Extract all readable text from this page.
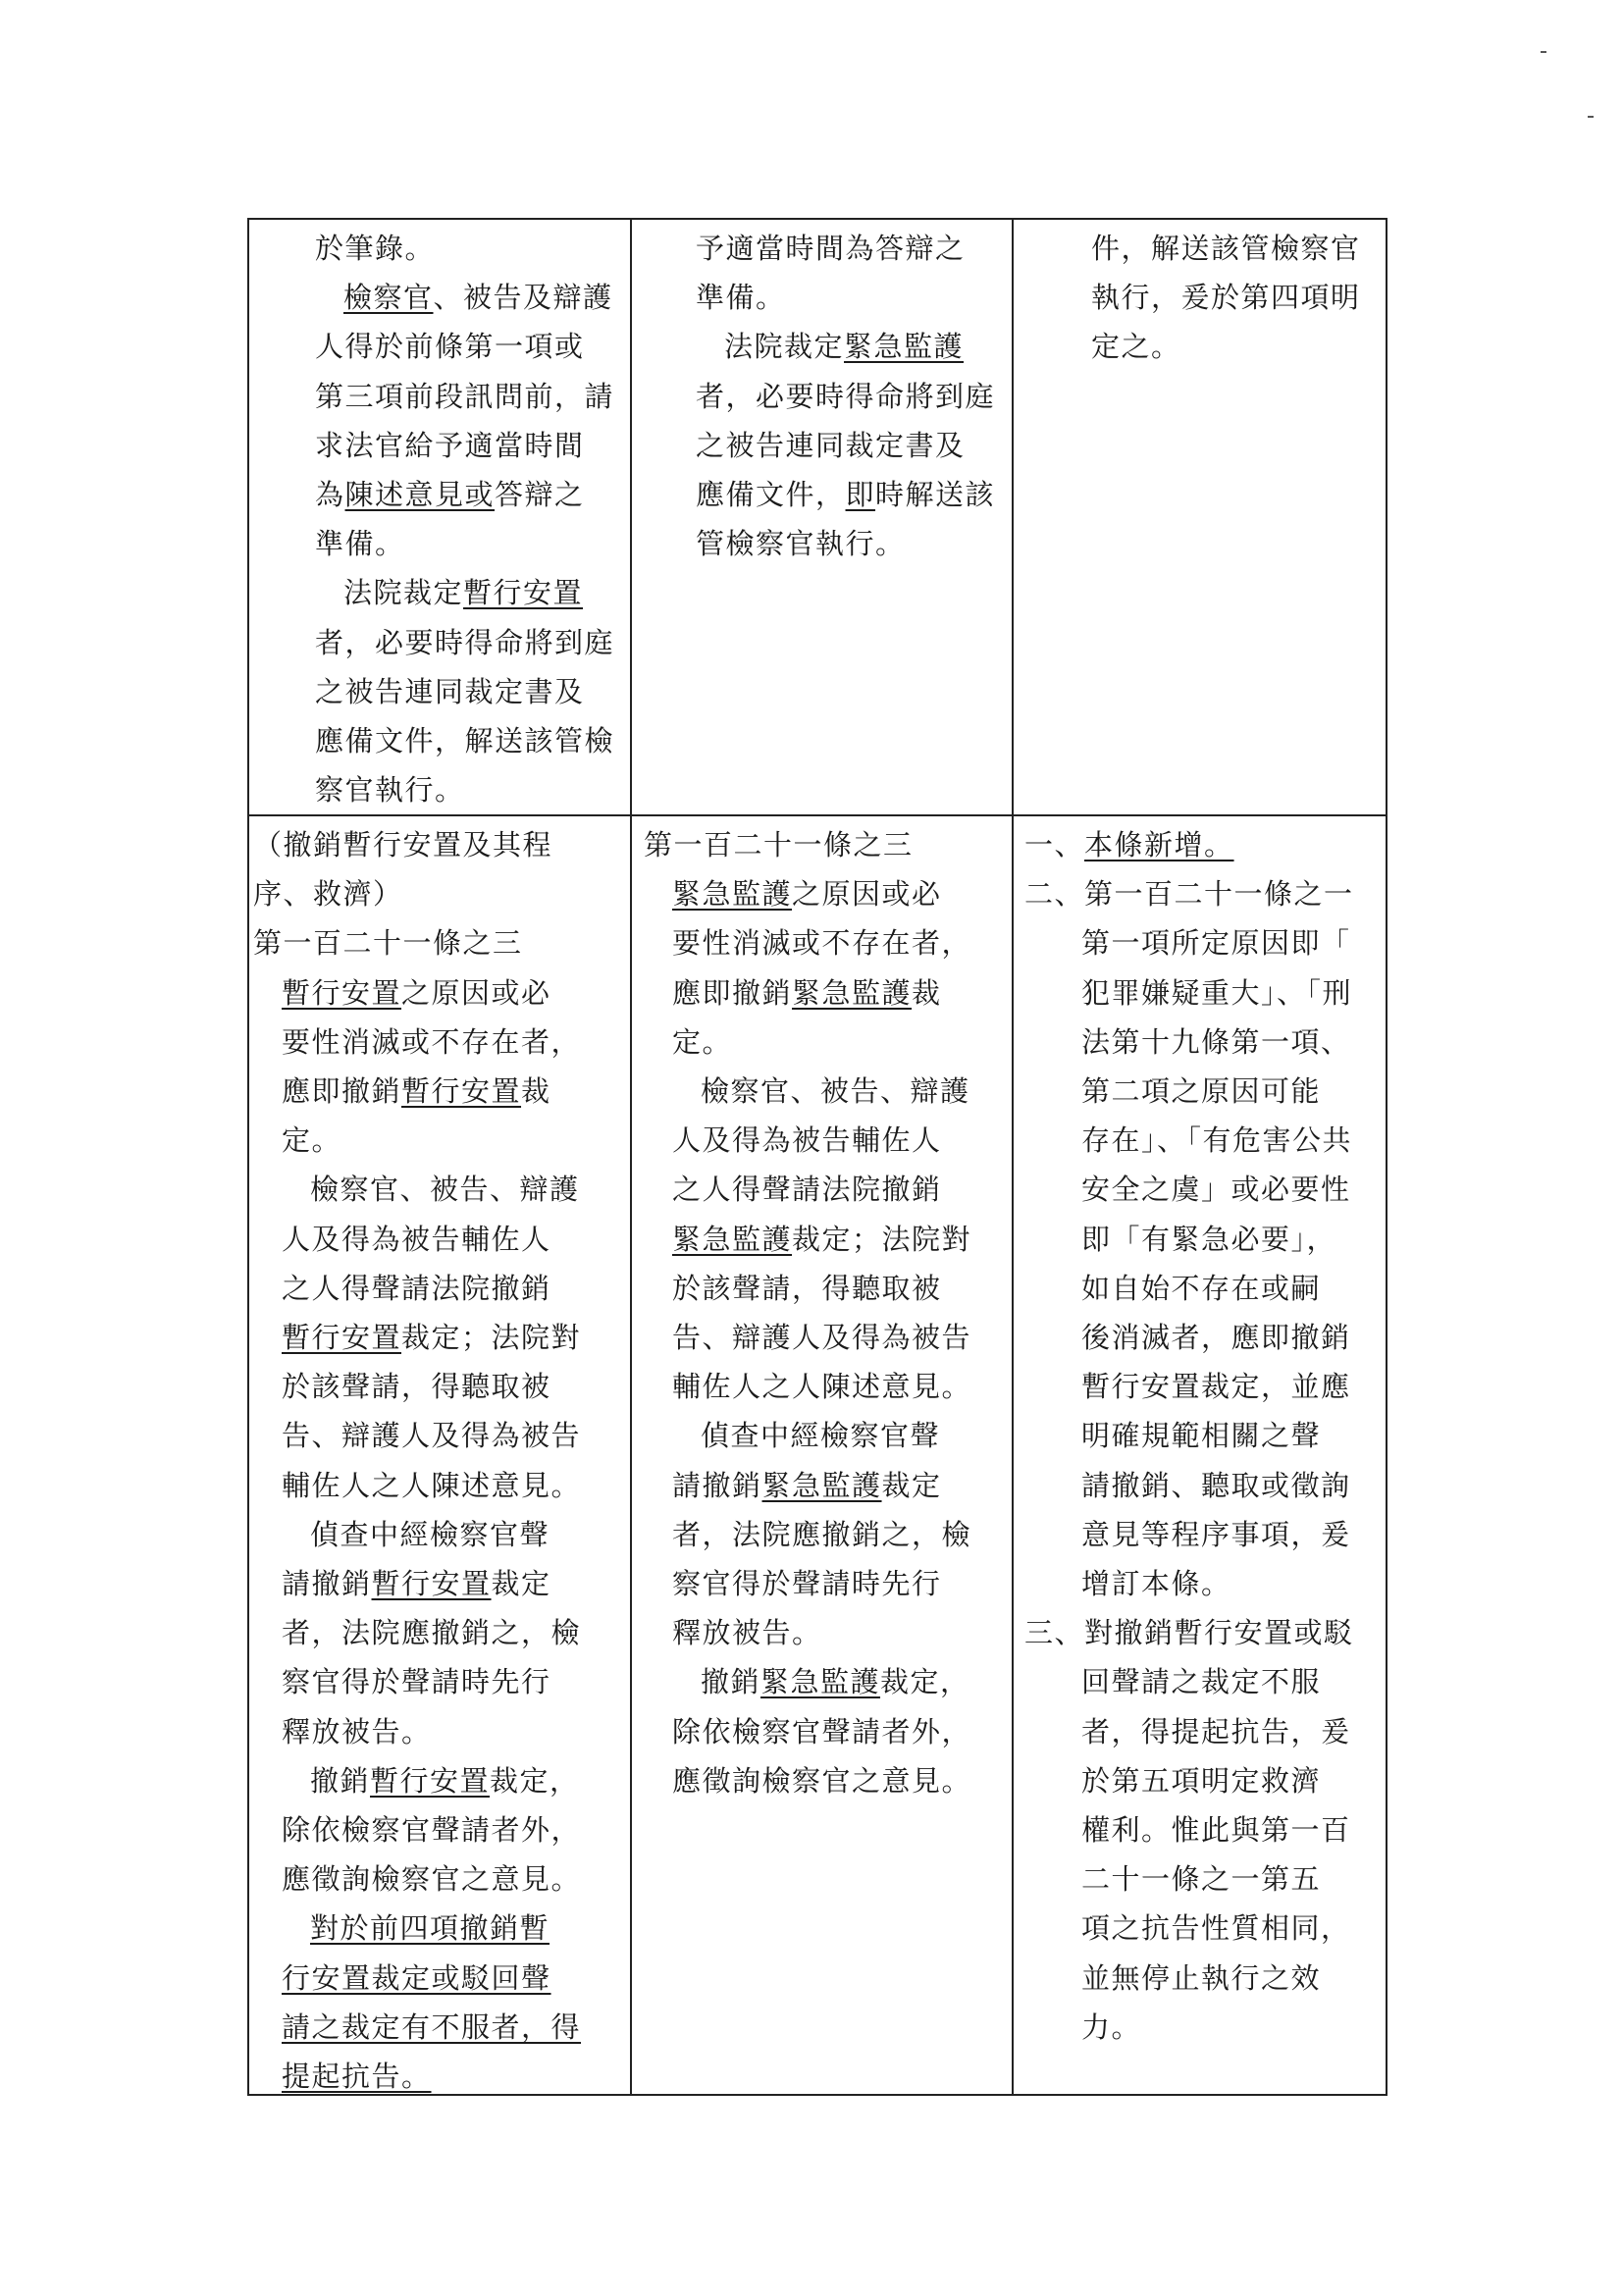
於筆錄。
檢察官、被告及辯護
人得於前條第一項或
第三項前段訊問前，請
求法官給予適當時間
為陳述意見或答辯之
準備。
法院裁定暫行安置
者，必要時得命將到庭
之被告連同裁定書及
應備文件，解送該管檢
察官執行。
予適當時間為答辯之
準備。
法院裁定緊急監護
者，必要時得命將到庭
之被告連同裁定書及
應備文件，即時解送該
管檢察官執行。
件，解送該管檢察官
執行，爰於第四項明
定之。
（撤銷暫行安置及其程
序、救濟）
第一百二十一條之三
暫行安置之原因或必
要性消滅或不存在者，
應即撤銷暫行安置裁
定。
檢察官、被告、辯護
人及得為被告輔佐人
之人得聲請法院撤銷
暫行安置裁定；法院對
於該聲請，得聽取被
告、辯護人及得為被告
輔佐人之人陳述意見。
偵查中經檢察官聲
請撤銷暫行安置裁定
者，法院應撤銷之，檢
察官得於聲請時先行
釋放被告。
撤銷暫行安置裁定，
除依檢察官聲請者外，
應徵詢檢察官之意見。
對於前四項撤銷暫
行安置裁定或駁回聲
請之裁定有不服者，得
提起抗告。
第一百二十一條之三
緊急監護之原因或必
要性消滅或不存在者，
應即撤銷緊急監護裁
定。
檢察官、被告、辯護
人及得為被告輔佐人
之人得聲請法院撤銷
緊急監護裁定；法院對
於該聲請，得聽取被
告、辯護人及得為被告
輔佐人之人陳述意見。
偵查中經檢察官聲
請撤銷緊急監護裁定
者，法院應撤銷之，檢
察官得於聲請時先行
釋放被告。
撤銷緊急監護裁定，
除依檢察官聲請者外，
應徵詢檢察官之意見。
一、本條新增。
二、第一百二十一條之一
第一項所定原因即「
犯罪嫌疑重大」、「刑
法第十九條第一項、
第二項之原因可能
存在」、「有危害公共
安全之虞」或必要性
即「有緊急必要」，
如自始不存在或嗣
後消滅者，應即撤銷
暫行安置裁定，並應
明確規範相關之聲
請撤銷、聽取或徵詢
意見等程序事項，爰
增訂本條。
三、對撤銷暫行安置或駁
回聲請之裁定不服
者，得提起抗告，爰
於第五項明定救濟
權利。惟此與第一百
二十一條之一第五
項之抗告性質相同，
並無停止執行之效
力。
